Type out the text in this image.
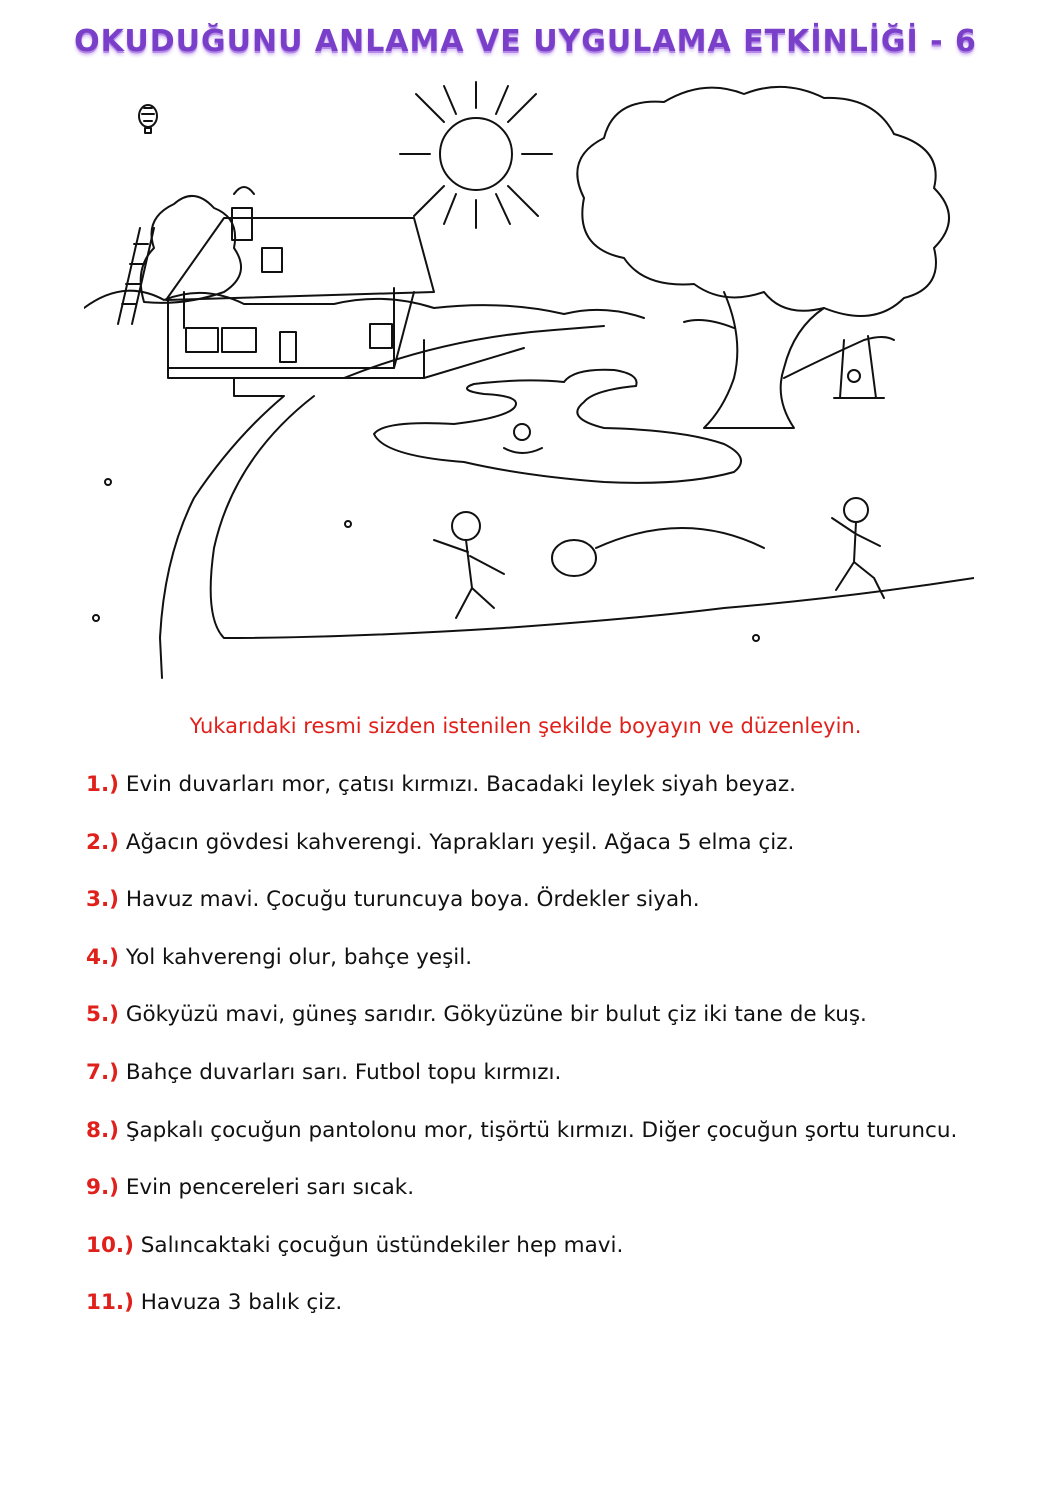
OKUDUĞUNU ANLAMA VE UYGULAMA ETKİNLİĞİ - 6
Yukarıdaki resmi sizden istenilen şekilde boyayın ve düzenleyin.
1.) Evin duvarları mor, çatısı kırmızı. Bacadaki leylek siyah beyaz.
2.) Ağacın gövdesi kahverengi. Yaprakları yeşil. Ağaca 5 elma çiz.
3.) Havuz mavi. Çocuğu turuncuya boya. Ördekler siyah.
4.) Yol kahverengi olur, bahçe yeşil.
5.) Gökyüzü mavi, güneş sarıdır. Gökyüzüne bir bulut çiz iki tane de kuş.
7.) Bahçe duvarları sarı. Futbol topu kırmızı.
8.) Şapkalı çocuğun pantolonu mor, tişörtü kırmızı. Diğer çocuğun şortu turuncu.
9.) Evin pencereleri sarı sıcak.
10.) Salıncaktaki çocuğun üstündekiler hep mavi.
11.) Havuza 3 balık çiz.
